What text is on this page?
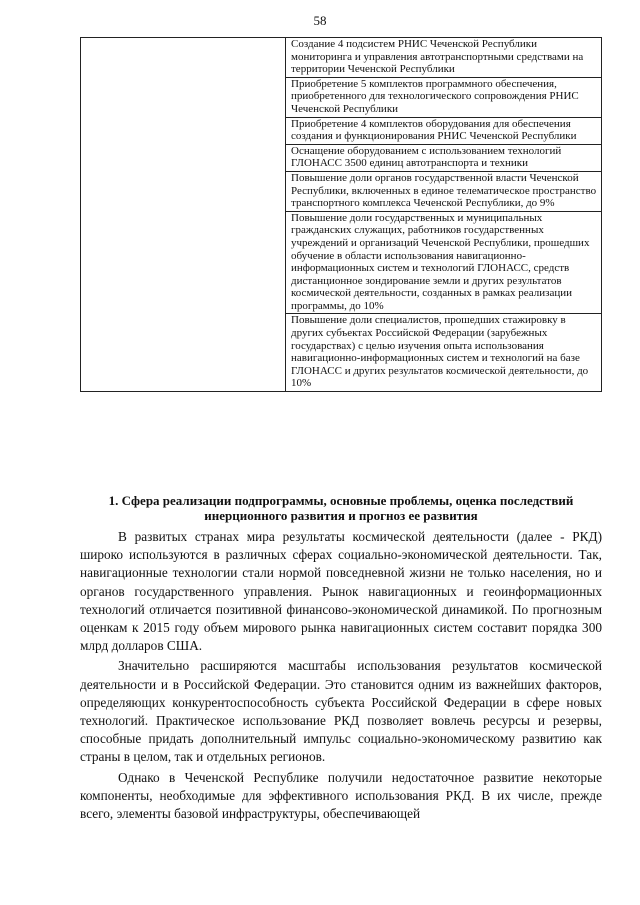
58
	Создание 4 подсистем РНИС Чеченской Республики мониторинга и управления автотранспортными средствами на территории Чеченской Республики
Приобретение 5 комплектов программного обеспечения, приобретенного для технологического сопровождения РНИС Чеченской Республики
Приобретение 4 комплектов оборудования для обеспечения создания и функционирования РНИС Чеченской Республики
Оснащение оборудованием с использованием технологий ГЛОНАСС 3500 единиц автотранспорта и техники
Повышение доли органов государственной власти Чеченской Республики, включенных в единое телематическое пространство транспортного комплекса Чеченской Республики, до 9%
Повышение доли государственных и муниципальных гражданских служащих, работников государственных учреждений и организаций Чеченской Республики, прошедших обучение в области использования навигационно-информационных систем и технологий ГЛОНАСС, средств дистанционное зондирование земли и других результатов космической деятельности, созданных в рамках реализации программы, до 10%
Повышение доли специалистов, прошедших стажировку в других субъектах Российской Федерации (зарубежных государствах) с целью изучения опыта использования навигационно-информационных систем и технологий на базе ГЛОНАСС и других результатов космической деятельности, до 10%
1. Сфера реализации подпрограммы, основные проблемы, оценка последствий инерционного развития и прогноз ее развития

В развитых странах мира результаты космической деятельности (далее - РКД) широко используются в различных сферах социально-экономической деятельности. Так, навигационные технологии стали нормой повседневной жизни не только населения, но и органов государственного управления. Рынок навигационных и геоинформационных технологий отличается позитивной финансово-экономической динамикой. По прогнозным оценкам к 2015 году объем мирового рынка навигационных систем составит порядка 300 млрд долларов США.

Значительно расширяются масштабы использования результатов космической деятельности и в Российской Федерации. Это становится одним из важнейших факторов, определяющих конкурентоспособность субъекта Российской Федерации в сфере новых технологий. Практическое использование РКД позволяет вовлечь ресурсы и резервы, способные придать дополнительный импульс социально-экономическому развитию как страны в целом, так и отдельных регионов.

Однако в Чеченской Республике получили недостаточное развитие некоторые компоненты, необходимые для эффективного использования РКД. В их числе, прежде всего, элементы базовой инфраструктуры, обеспечивающей
